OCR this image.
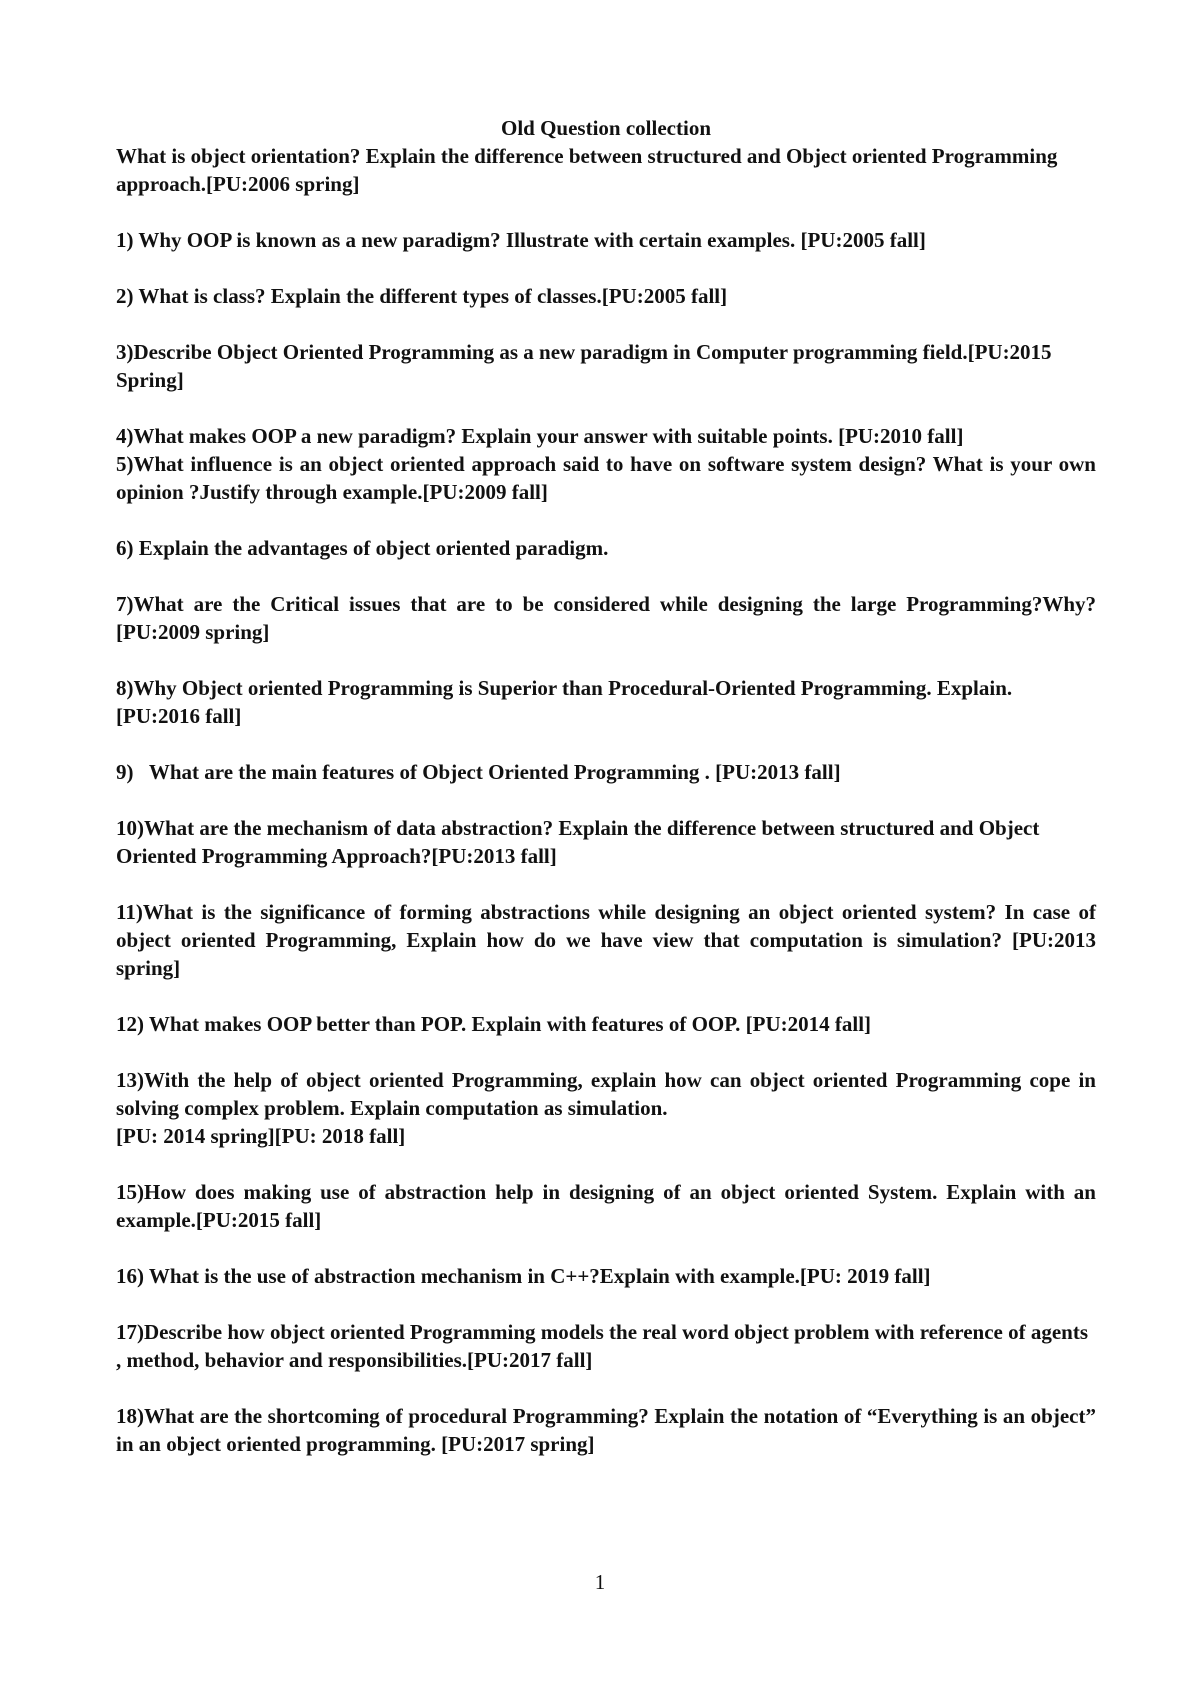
Old Question collection

What is object orientation? Explain the difference between structured and Object oriented Programming approach.[PU:2006 spring]

1) Why OOP is known as a new paradigm? Illustrate with certain examples. [PU:2005 fall]

2) What is class? Explain the different types of classes.[PU:2005 fall]

3)Describe Object Oriented Programming as a new paradigm in Computer programming field.[PU:2015 Spring]

4)What makes OOP a new paradigm? Explain your answer with suitable points. [PU:2010 fall]

5)What influence is an object oriented approach said to have on software system design? What is your own opinion ?Justify through example.[PU:2009 fall]

6) Explain the advantages of object oriented paradigm.

7)What are the Critical issues that are to be considered while designing the large Programming?Why? [PU:2009 spring]

8)Why Object oriented Programming is Superior than Procedural-Oriented Programming. Explain.[PU:2016 fall]

9)   What are the main features of Object Oriented Programming . [PU:2013 fall]

10)What are the mechanism of data abstraction? Explain the difference between structured and Object Oriented Programming Approach?[PU:2013 fall]

11)What is the significance of forming abstractions while designing an object oriented system? In case of object oriented Programming, Explain how do we have view that computation is simulation? [PU:2013 spring]

12) What makes OOP better than POP. Explain with features of OOP. [PU:2014 fall]

13)With the help of object oriented Programming, explain how can object oriented Programming cope in solving complex problem. Explain computation as simulation.

[PU: 2014 spring][PU: 2018 fall]

15)How does making use of abstraction help in designing of an object oriented System. Explain with an example.[PU:2015 fall]

16) What is the use of abstraction mechanism in C++?Explain with example.[PU: 2019 fall]

17)Describe how object oriented Programming models the real word object problem with reference of agents , method, behavior and responsibilities.[PU:2017 fall]

18)What are the shortcoming of procedural Programming? Explain the notation of “Everything is an object” in an object oriented programming. [PU:2017 spring]

1
